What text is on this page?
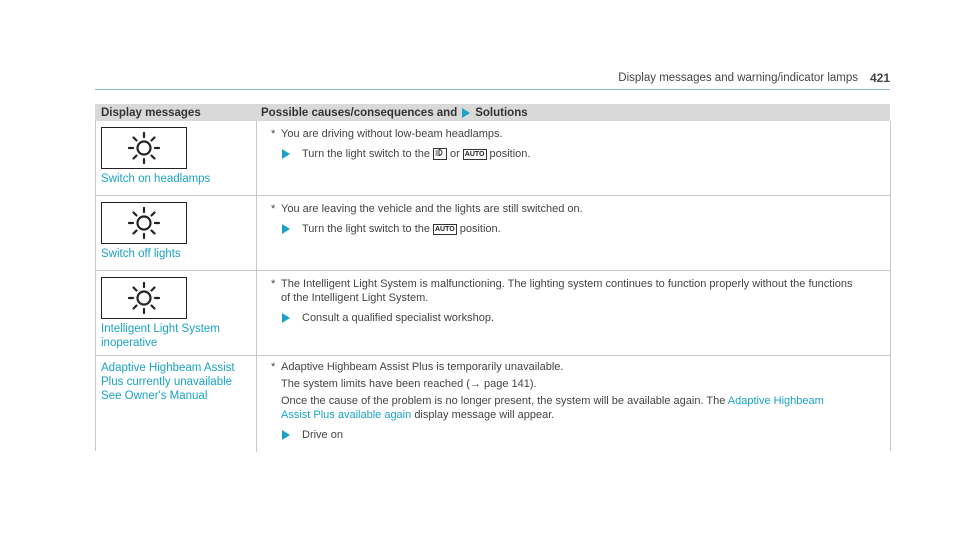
Display messages and warning/indicator lamps 421
Display messages	Possible causes/consequences and Solutions
Switch on headlamps
* You are driving without low-beam headlamps.
Turn the light switch to the or AUTO position.
Switch off lights
* You are leaving the vehicle and the lights are still switched on.
Turn the light switch to the AUTO position.
Intelligent Light System
inoperative
* The Intelligent Light System is malfunctioning. The lighting system continues to function properly without the functions
of the Intelligent Light System.
Consult a qualified specialist workshop.
Adaptive Highbeam Assist
Plus currently unavailable
See Owner's Manual
* Adaptive Highbeam Assist Plus is temporarily unavailable.
The system limits have been reached (→ page 141).
Once the cause of the problem is no longer present, the system will be available again. The Adaptive Highbeam
Assist Plus available again display message will appear.
Drive on
